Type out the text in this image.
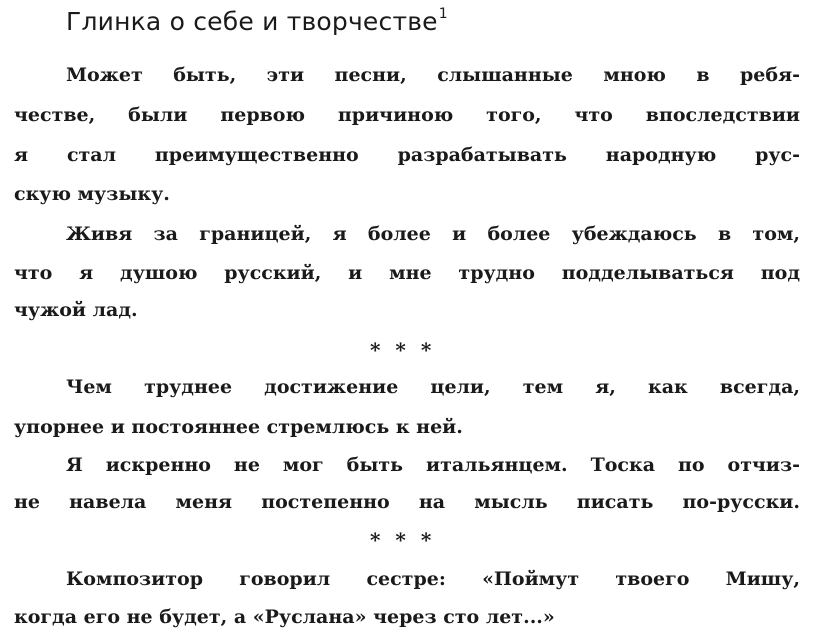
Глинка о себе и творчестве$^1$

Может быть, эти песни, слышанные мною в ребя-

честве, были первою причиною того, что впоследствии

я стал преимущественно разрабатывать народную рус-

скую музыку.

Живя за границей, я более и более убеждаюсь в том,

что я душою русский, и мне трудно подделываться под

чужой лад.

* * *

Чем труднее достижение цели, тем я, как всегда,

упорнее и постояннее стремлюсь к ней.

Я искренно не мог быть итальянцем. Тоска по отчиз-

не навела меня постепенно на мысль писать по-русски.

* * *

Композитор говорил сестре: «Поймут твоего Мишу,

когда его не будет, а «Руслана» через сто лет...»
